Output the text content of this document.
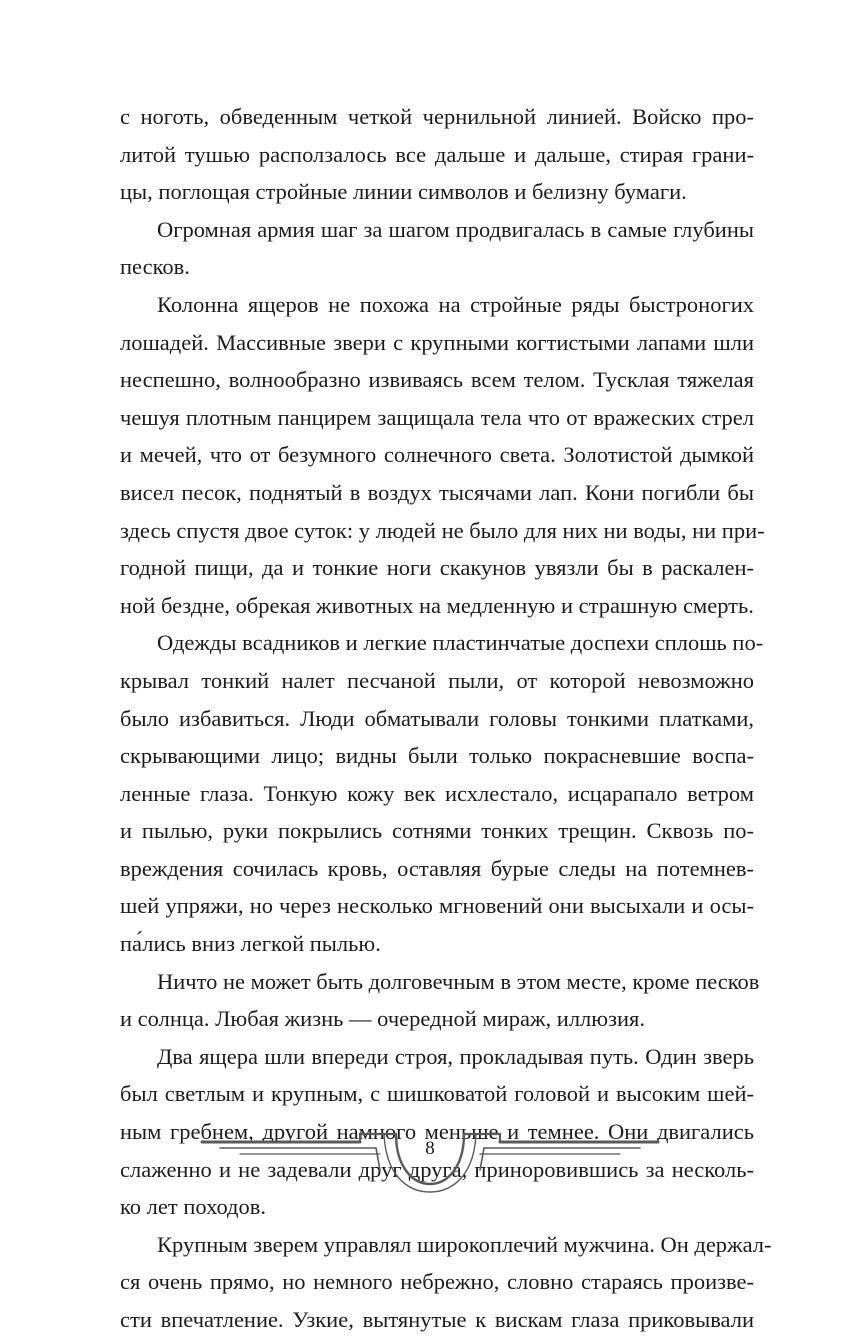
с ноготь, обведенным четкой чернильной линией. Войско про-
литой тушью расползалось все дальше и дальше, стирая грани-
цы, поглощая стройные линии символов и белизну бумаги.
Огромная армия шаг за шагом продвигалась в самые глубины
песков.
Колонна ящеров не похожа на стройные ряды быстроногих
лошадей. Массивные звери с крупными когтистыми лапами шли
неспешно, волнообразно извиваясь всем телом. Тусклая тяжелая
чешуя плотным панцирем защищала тела что от вражеских стрел
и мечей, что от безумного солнечного света. Золотистой дымкой
висел песок, поднятый в воздух тысячами лап. Кони погибли бы
здесь спустя двое суток: у людей не было для них ни воды, ни при-
годной пищи, да и тонкие ноги скакунов увязли бы в раскален-
ной бездне, обрекая животных на медленную и страшную смерть.
Одежды всадников и легкие пластинчатые доспехи сплошь по-
крывал тонкий налет песчаной пыли, от которой невозможно
было избавиться. Люди обматывали головы тонкими платками,
скрывающими лицо; видны были только покрасневшие воспа-
ленные глаза. Тонкую кожу век исхлестало, исцарапало ветром
и пылью, руки покрылись сотнями тонких трещин. Сквозь по-
вреждения сочилась кровь, оставляя бурые следы на потемнев-
шей упряжи, но через несколько мгновений они высыхали и осы-
па́лись вниз легкой пылью.
Ничто не может быть долговечным в этом месте, кроме песков
и солнца. Любая жизнь — очередной мираж, иллюзия.
Два ящера шли впереди строя, прокладывая путь. Один зверь
был светлым и крупным, с шишковатой головой и высоким шей-
ным гребнем, другой намного меньше и темнее. Они двигались
слаженно и не задевали друг друга, приноровившись за несколь-
ко лет походов.
Крупным зверем управлял широкоплечий мужчина. Он держал-
ся очень прямо, но немного небрежно, словно стараясь произве-
сти впечатление. Узкие, вытянутые к вискам глаза приковывали
8
